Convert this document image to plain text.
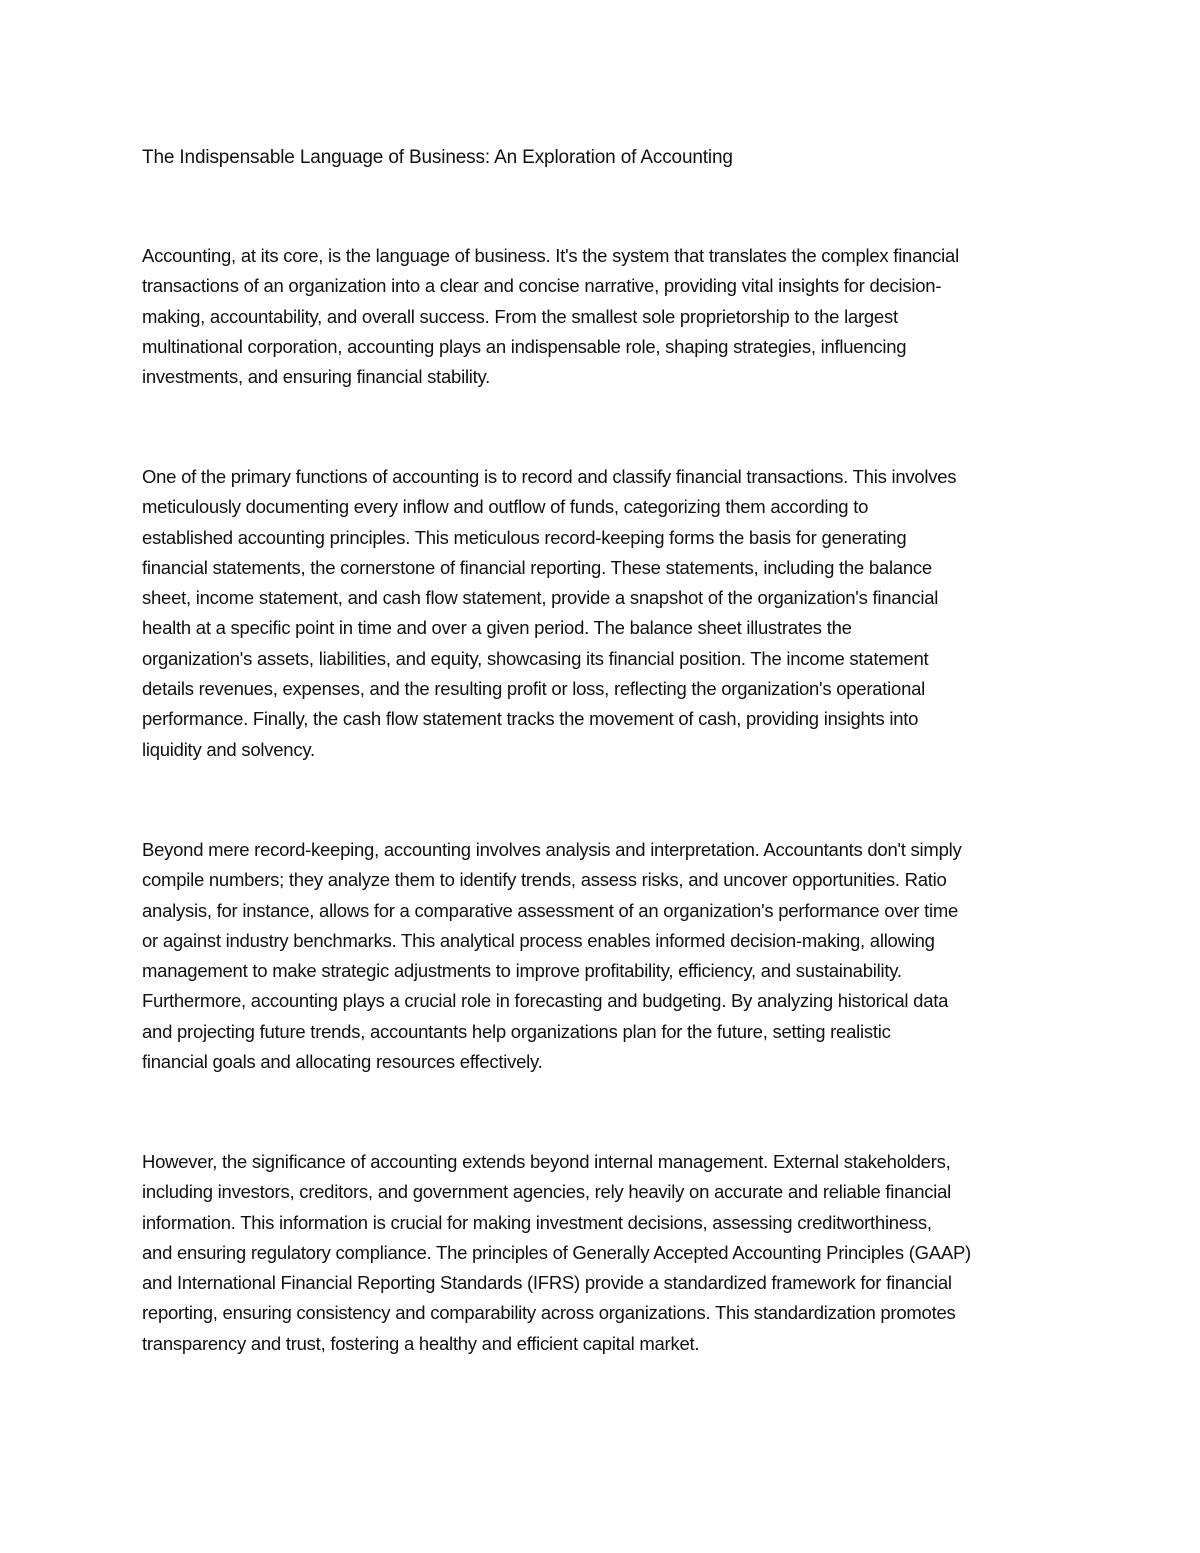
The Indispensable Language of Business: An Exploration of Accounting

Accounting, at its core, is the language of business. It's the system that translates the complex financial
transactions of an organization into a clear and concise narrative, providing vital insights for decision-
making, accountability, and overall success. From the smallest sole proprietorship to the largest
multinational corporation, accounting plays an indispensable role, shaping strategies, influencing
investments, and ensuring financial stability.

One of the primary functions of accounting is to record and classify financial transactions. This involves
meticulously documenting every inflow and outflow of funds, categorizing them according to
established accounting principles. This meticulous record-keeping forms the basis for generating
financial statements, the cornerstone of financial reporting. These statements, including the balance
sheet, income statement, and cash flow statement, provide a snapshot of the organization's financial
health at a specific point in time and over a given period. The balance sheet illustrates the
organization's assets, liabilities, and equity, showcasing its financial position. The income statement
details revenues, expenses, and the resulting profit or loss, reflecting the organization's operational
performance. Finally, the cash flow statement tracks the movement of cash, providing insights into
liquidity and solvency.

Beyond mere record-keeping, accounting involves analysis and interpretation. Accountants don't simply
compile numbers; they analyze them to identify trends, assess risks, and uncover opportunities. Ratio
analysis, for instance, allows for a comparative assessment of an organization's performance over time
or against industry benchmarks. This analytical process enables informed decision-making, allowing
management to make strategic adjustments to improve profitability, efficiency, and sustainability.
Furthermore, accounting plays a crucial role in forecasting and budgeting. By analyzing historical data
and projecting future trends, accountants help organizations plan for the future, setting realistic
financial goals and allocating resources effectively.

However, the significance of accounting extends beyond internal management. External stakeholders,
including investors, creditors, and government agencies, rely heavily on accurate and reliable financial
information. This information is crucial for making investment decisions, assessing creditworthiness,
and ensuring regulatory compliance. The principles of Generally Accepted Accounting Principles (GAAP)
and International Financial Reporting Standards (IFRS) provide a standardized framework for financial
reporting, ensuring consistency and comparability across organizations. This standardization promotes
transparency and trust, fostering a healthy and efficient capital market.
